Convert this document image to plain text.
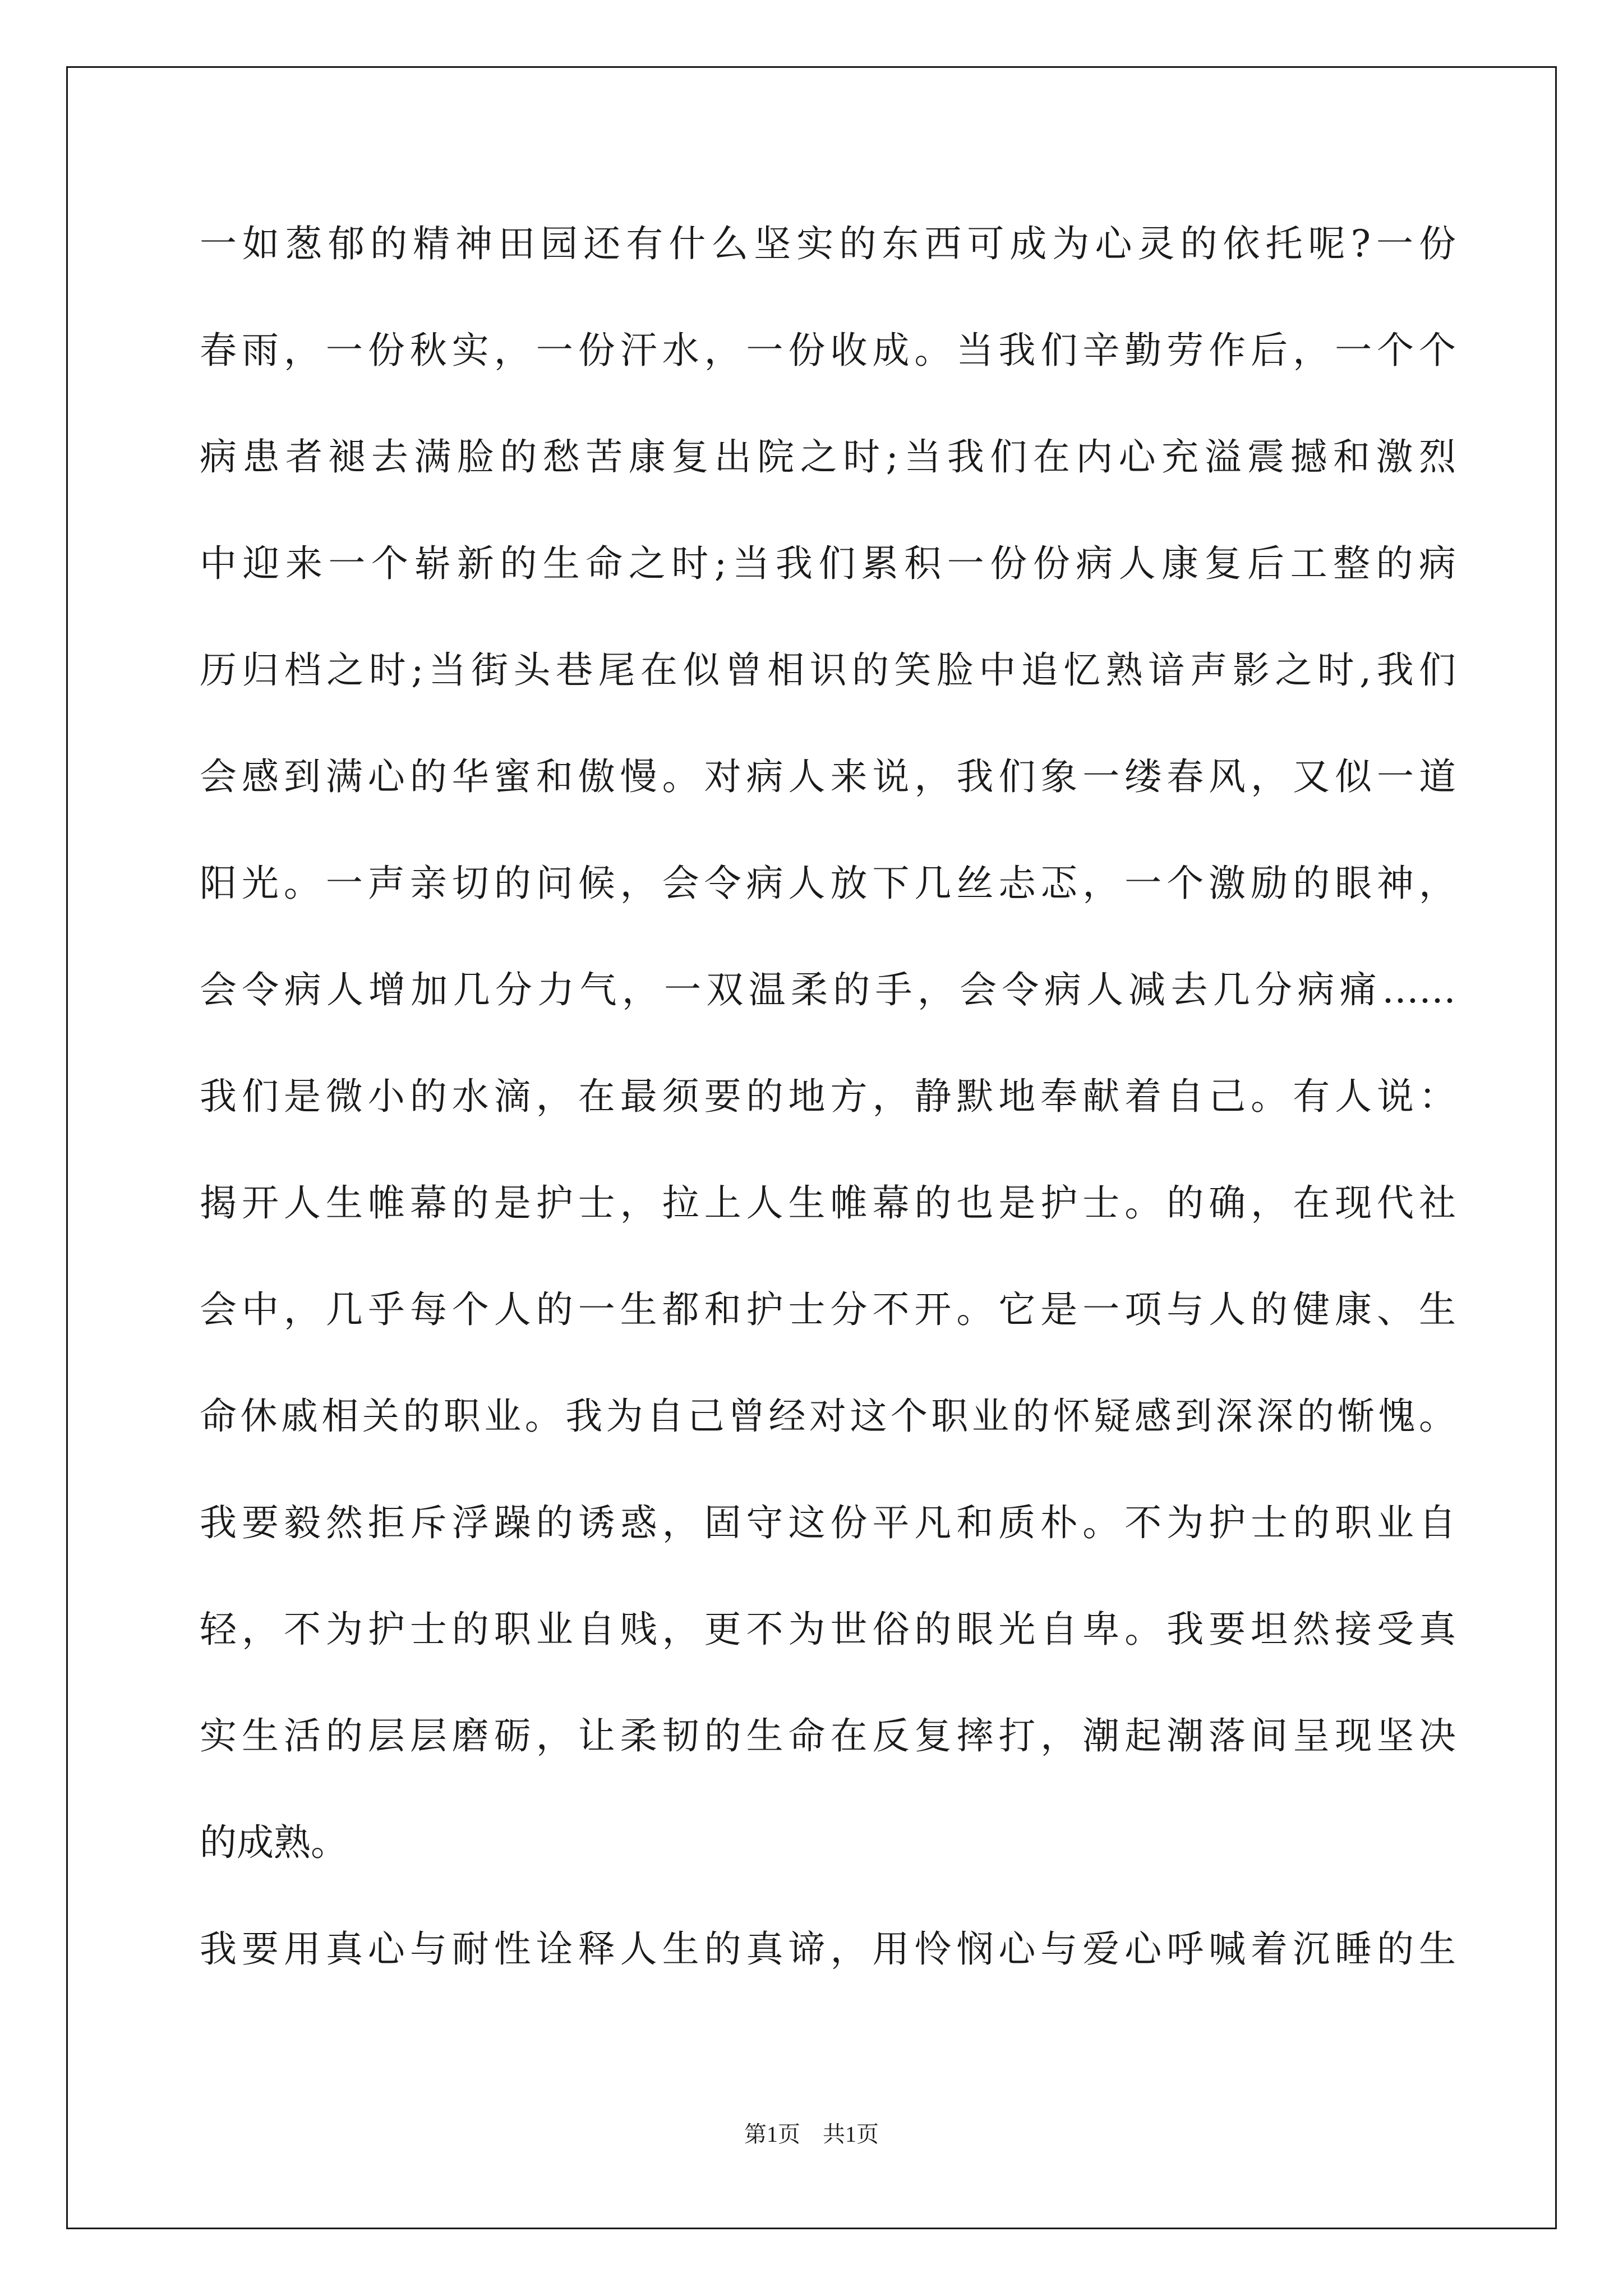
一如葱郁的精神田园还有什么坚实的东西可成为心灵的依托呢?一份
春雨，一份秋实，一份汗水，一份收成。当我们辛勤劳作后，一个个
病患者褪去满脸的愁苦康复出院之时;当我们在内心充溢震撼和激烈
中迎来一个崭新的生命之时;当我们累积一份份病人康复后工整的病
历归档之时;当街头巷尾在似曾相识的笑脸中追忆熟谙声影之时,我们
会感到满心的华蜜和傲慢。对病人来说，我们象一缕春风，又似一道
阳光。一声亲切的问候，会令病人放下几丝忐忑，一个激励的眼神，
会令病人增加几分力气，一双温柔的手，会令病人减去几分病痛……
我们是微小的水滴，在最须要的地方，静默地奉献着自己。有人说：
揭开人生帷幕的是护士，拉上人生帷幕的也是护士。的确，在现代社
会中，几乎每个人的一生都和护士分不开。它是一项与人的健康、生
命休戚相关的职业。我为自己曾经对这个职业的怀疑感到深深的惭愧。
我要毅然拒斥浮躁的诱惑，固守这份平凡和质朴。不为护士的职业自
轻，不为护士的职业自贱，更不为世俗的眼光自卑。我要坦然接受真
实生活的层层磨砺，让柔韧的生命在反复摔打，潮起潮落间呈现坚决
的成熟。
我要用真心与耐性诠释人生的真谛，用怜悯心与爱心呼喊着沉睡的生
第1页　共1页
